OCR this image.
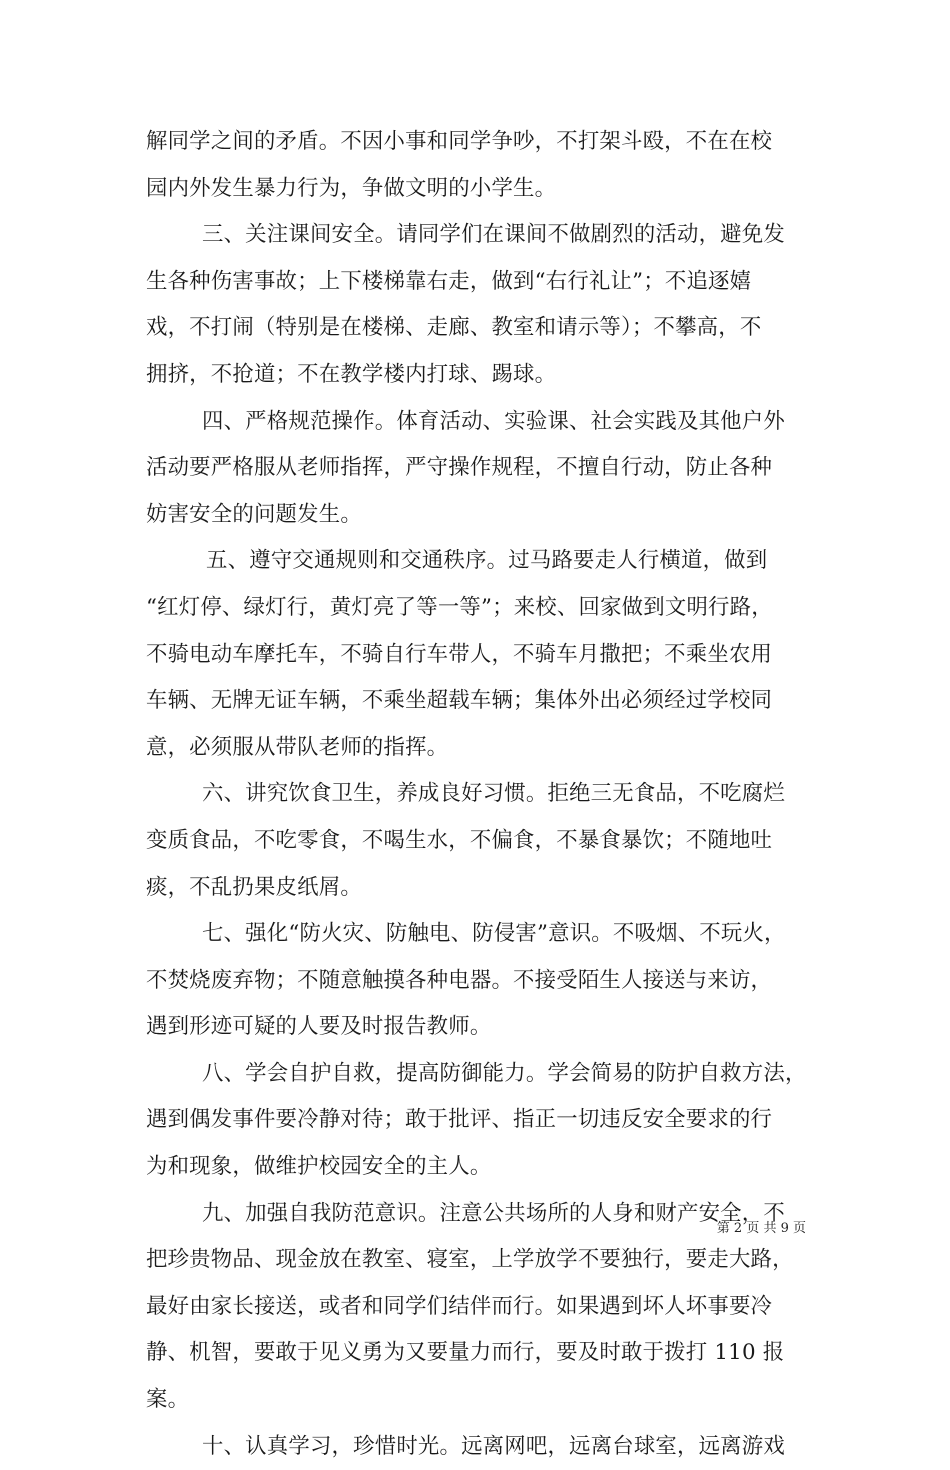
解同学之间的矛盾。不因小事和同学争吵，不打架斗殴，不在在校
园内外发生暴力行为，争做文明的小学生。
三、关注课间安全。请同学们在课间不做剧烈的活动，避免发
生各种伤害事故；上下楼梯靠右走，做到“右行礼让”；不追逐嬉
戏，不打闹（特别是在楼梯、走廊、教室和请示等）；不攀高，不
拥挤，不抢道；不在教学楼内打球、踢球。
四、严格规范操作。体育活动、实验课、社会实践及其他户外
活动要严格服从老师指挥，严守操作规程，不擅自行动，防止各种
妨害安全的问题发生。
五、遵守交通规则和交通秩序。过马路要走人行横道，做到
“红灯停、绿灯行，黄灯亮了等一等”；来校、回家做到文明行路，
不骑电动车摩托车，不骑自行车带人，不骑车月撒把；不乘坐农用
车辆、无牌无证车辆，不乘坐超载车辆；集体外出必须经过学校同
意，必须服从带队老师的指挥。
六、讲究饮食卫生，养成良好习惯。拒绝三无食品，不吃腐烂
变质食品，不吃零食，不喝生水，不偏食，不暴食暴饮；不随地吐
痰，不乱扔果皮纸屑。
七、强化“防火灾、防触电、防侵害”意识。不吸烟、不玩火，
不焚烧废弃物；不随意触摸各种电器。不接受陌生人接送与来访，
遇到形迹可疑的人要及时报告教师。
八、学会自护自救，提高防御能力。学会简易的防护自救方法，
遇到偶发事件要冷静对待；敢于批评、指正一切违反安全要求的行
为和现象，做维护校园安全的主人。
九、加强自我防范意识。注意公共场所的人身和财产安全，不
把珍贵物品、现金放在教室、寝室，上学放学不要独行，要走大路，
最好由家长接送，或者和同学们结伴而行。如果遇到坏人坏事要冷
静、机智，要敢于见义勇为又要量力而行，要及时敢于拨打 110 报
案。
十、认真学习，珍惜时光。远离网吧，远离台球室，远离游戏
第 2 页 共 9 页
